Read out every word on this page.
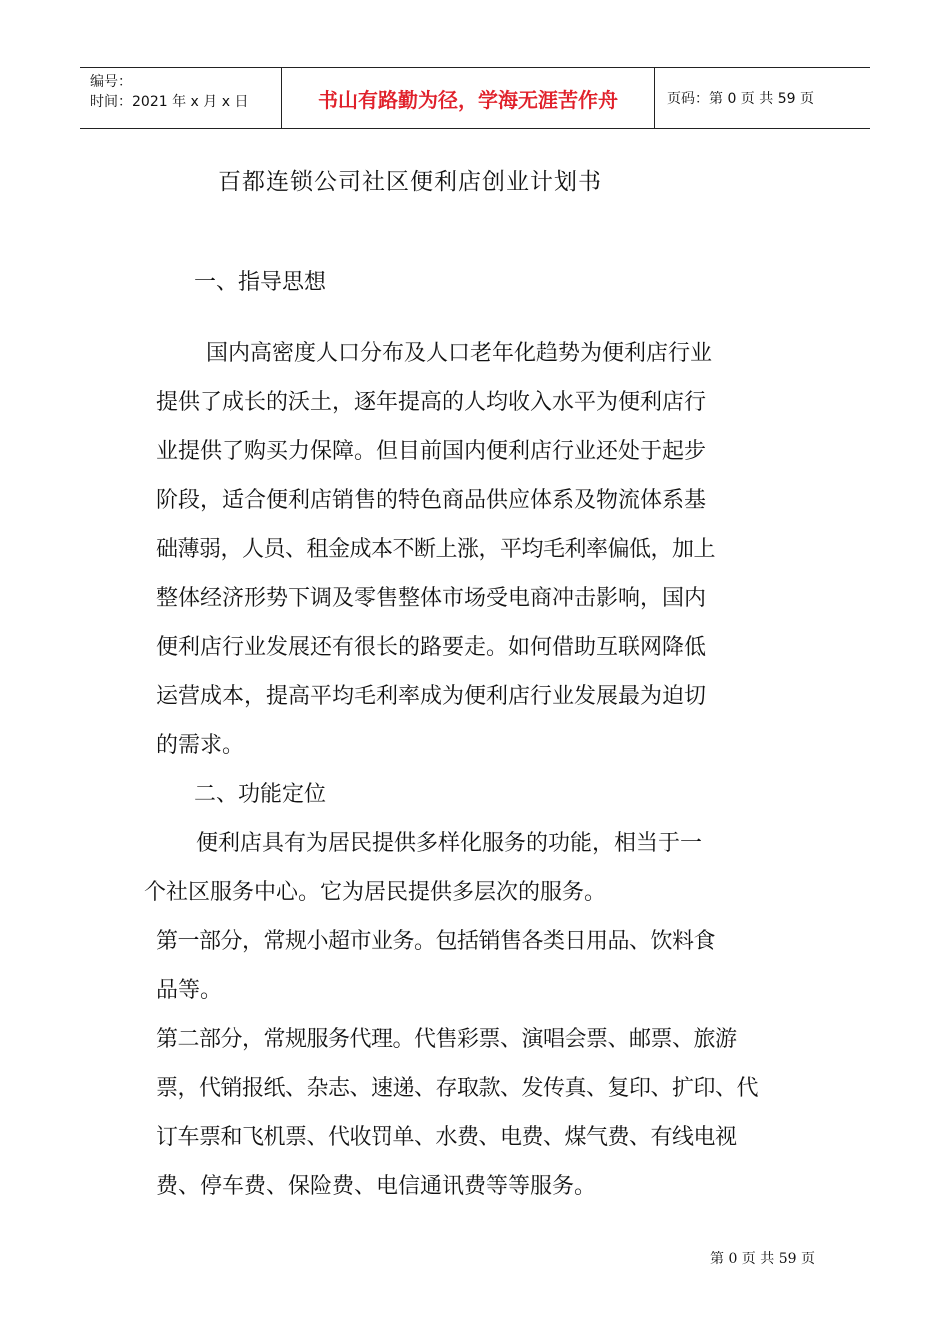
编号：
时间：2021 年 x 月 x 日	书山有路勤为径，学海无涯苦作舟	页码：第 0 页 共 59 页
百都连锁公司社区便利店创业计划书
一、指导思想
国内高密度人口分布及人口老年化趋势为便利店行业
提供了成长的沃土，逐年提高的人均收入水平为便利店行
业提供了购买力保障。但目前国内便利店行业还处于起步
阶段，适合便利店销售的特色商品供应体系及物流体系基
础薄弱，人员、租金成本不断上涨，平均毛利率偏低，加上
整体经济形势下调及零售整体市场受电商冲击影响，国内
便利店行业发展还有很长的路要走。如何借助互联网降低
运营成本，提高平均毛利率成为便利店行业发展最为迫切
的需求。
二、功能定位
便利店具有为居民提供多样化服务的功能，相当于一
个社区服务中心。它为居民提供多层次的服务。
第一部分，常规小超市业务。包括销售各类日用品、饮料食
品等。
第二部分，常规服务代理。代售彩票、演唱会票、邮票、旅游
票，代销报纸、杂志、速递、存取款、发传真、复印、扩印、代
订车票和飞机票、代收罚单、水费、电费、煤气费、有线电视
费、停车费、保险费、电信通讯费等等服务。
第 0 页 共 59 页
